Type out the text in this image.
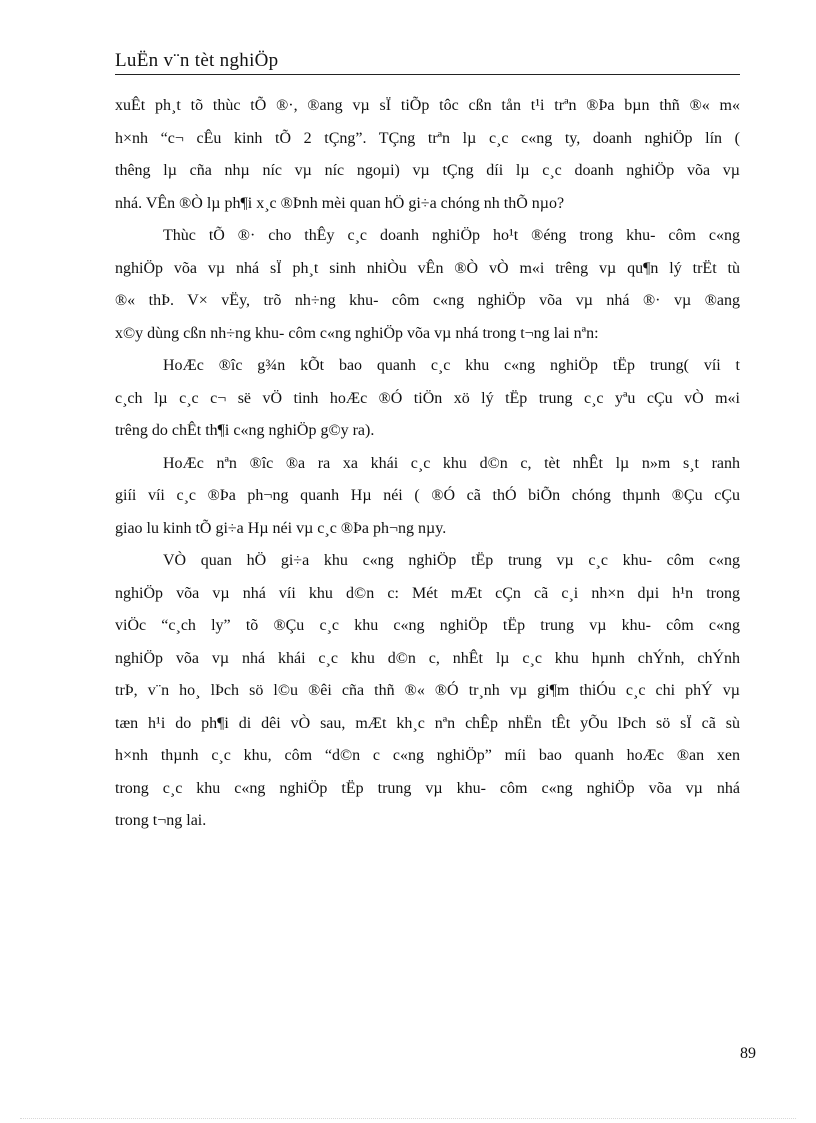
LuËn v¨n tèt nghiÖp

xuÊt ph¸t tõ thùc tÕ ®·, ®ang vµ sÏ tiÕp tôc cßn tån t¹i trªn ®Þa bµn thñ ®« m«
h×nh “c¬ cÊu kinh tÕ 2 tÇng”. TÇng trªn lµ c¸c c«ng ty, doanh nghiÖp lín (
thêng lµ cña nhµ níc vµ níc ngoµi) vµ tÇng díi lµ c¸c doanh nghiÖp võa vµ
nhá. VÊn ®Ò lµ ph¶i x¸c ®Þnh mèi quan hÖ gi÷a chóng nh thÕ nµo?

Thùc tÕ ®· cho thÊy c¸c doanh nghiÖp ho¹t ®éng trong khu- côm c«ng
nghiÖp võa vµ nhá sÏ ph¸t sinh nhiÒu vÊn ®Ò vÒ m«i trêng vµ qu¶n lý trËt tù
®« thÞ. V× vËy, trõ nh÷ng khu- côm c«ng nghiÖp võa vµ nhá ®· vµ ®ang
x©y dùng cßn nh÷ng khu- côm c«ng nghiÖp võa vµ nhá trong t¬ng lai nªn:

HoÆc ®îc g¾n kÕt bao quanh c¸c khu c«ng nghiÖp tËp trung( víi t
c¸ch lµ c¸c c¬ së vÖ tinh hoÆc ®Ó tiÖn xö lý tËp trung c¸c yªu cÇu vÒ m«i
trêng do chÊt th¶i c«ng nghiÖp g©y ra).

HoÆc nªn ®îc ®a ra xa khái c¸c khu d©n c, tèt nhÊt lµ n»m s¸t ranh
giíi víi c¸c ®Þa ph¬ng quanh Hµ néi ( ®Ó cã thÓ biÕn chóng thµnh ®Çu cÇu
giao lu kinh tÕ gi÷a Hµ néi vµ c¸c ®Þa ph¬ng nµy.

VÒ quan hÖ gi÷a khu c«ng nghiÖp tËp trung vµ c¸c khu- côm c«ng
nghiÖp võa vµ nhá víi khu d©n c: Mét mÆt cÇn cã c¸i nh×n dµi h¹n trong
viÖc “c¸ch ly” tõ ®Çu c¸c khu c«ng nghiÖp tËp trung vµ khu- côm c«ng
nghiÖp võa vµ nhá khái c¸c khu d©n c, nhÊt lµ c¸c khu hµnh chÝnh, chÝnh
trÞ, v¨n ho¸ lÞch sö l©u ®êi cña thñ ®« ®Ó tr¸nh vµ gi¶m thiÓu c¸c chi phÝ vµ
tæn h¹i do ph¶i di dêi vÒ sau, mÆt kh¸c nªn chÊp nhËn tÊt yÕu lÞch sö sÏ cã sù
h×nh thµnh c¸c khu, côm “d©n c c«ng nghiÖp” míi bao quanh hoÆc ®an xen
trong c¸c khu c«ng nghiÖp tËp trung vµ khu- côm c«ng nghiÖp võa vµ nhá
trong t¬ng lai.

89
